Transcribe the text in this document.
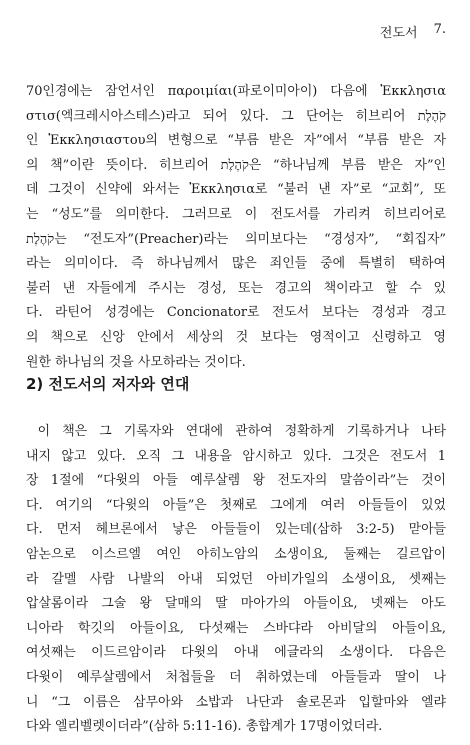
전도서 7.
70인경에는 잠언서인 παροιμίαι(파로이미아이) 다음에 Ἐκκλησια
στισ(엑크레시아스테스)라고 되어 있다. 그 단어는 히브리어 קֹהֶלֶת
인 Ἐκκλησιαστου의 변형으로 “부름 받은 자”에서 “부름 받은 자
의 책”이란 뜻이다. 히브리어 קֹהֶלֶת은 “하나님께 부름 받은 자”인
데 그것이 신약에 와서는 Ἐκκλησια로 “불러 낸 자”로 “교회”, 또
는 “성도”를 의미한다. 그러므로 이 전도서를 가리켜 히브리어로
קֹהֶלֶת는 “전도자”(Preacher)라는 의미보다는 “경성자”, “회집자”
라는 의미이다. 즉 하나님께서 많은 죄인들 중에 특별히 택하여
불러 낸 자들에게 주시는 경성, 또는 경고의 책이라고 할 수 있
다. 라틴어 성경에는 Concionator로 전도서 보다는 경성과 경고
의 책으로 신앙 안에서 세상의 것 보다는 영적이고 신령하고 영
원한 하나님의 것을 사모하라는 것이다.
2) 전도서의 저자와 연대
이 책은 그 기록자와 연대에 관하여 정확하게 기록하거나 나타
내지 않고 있다. 오직 그 내용을 암시하고 있다. 그것은 전도서 1
장 1절에 “다윗의 아들 예루살렘 왕 전도자의 말씀이라”는 것이
다. 여기의 “다윗의 아들”은 첫째로 그에게 여러 아들들이 있었
다. 먼저 헤브론에서 낳은 아들들이 있는데(삼하 3:2-5) 맏아들
암논으로 이스르엘 여인 아히노암의 소생이요, 둘째는 길르압이
라 갈멜 사람 나발의 아내 되었던 아비가일의 소생이요, 셋째는
압살롬이라 그술 왕 달매의 딸 마아가의 아들이요, 넷째는 아도
니아라 학깃의 아들이요, 다섯째는 스바댜라 아비달의 아들이요,
여섯째는 이드르암이라 다윗의 아내 에글라의 소생이다. 다음은
다윗이 예루살렘에서 처첩들을 더 취하였는데 아들들과 딸이 나
니 “그 이름은 삼무아와 소밥과 나단과 솔로몬과 입할마와 엘랴
다와 엘리벨렛이더라”(삼하 5:11-16). 총합계가 17명이었더라.
